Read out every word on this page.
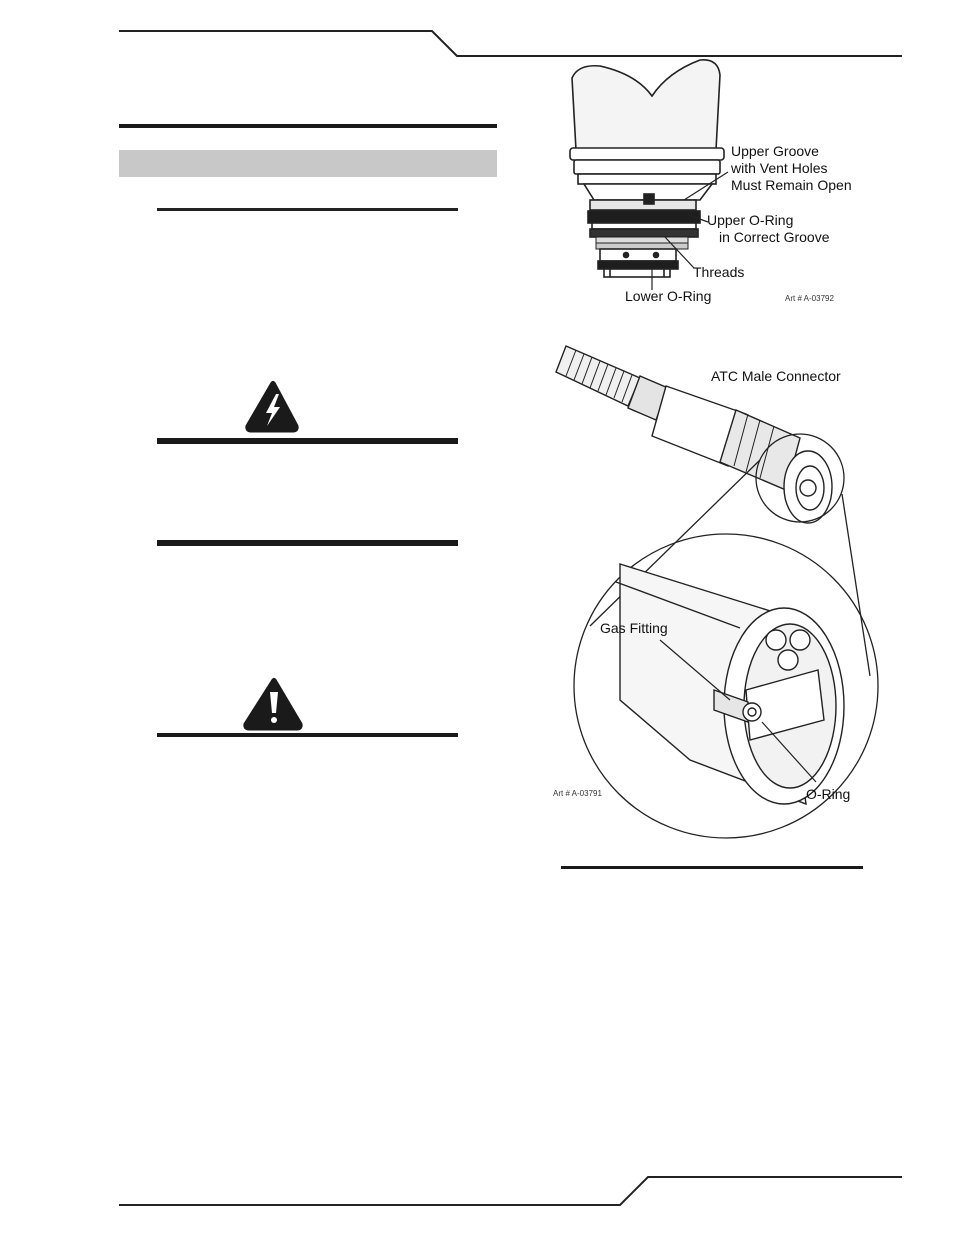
Upper Groove
with Vent Holes
Must Remain Open
Upper O-Ring
in Correct Groove
Threads
Lower O-Ring	Art # A-03792
ATC Male Connector
Gas Fitting
O-Ring
Art # A-03791
